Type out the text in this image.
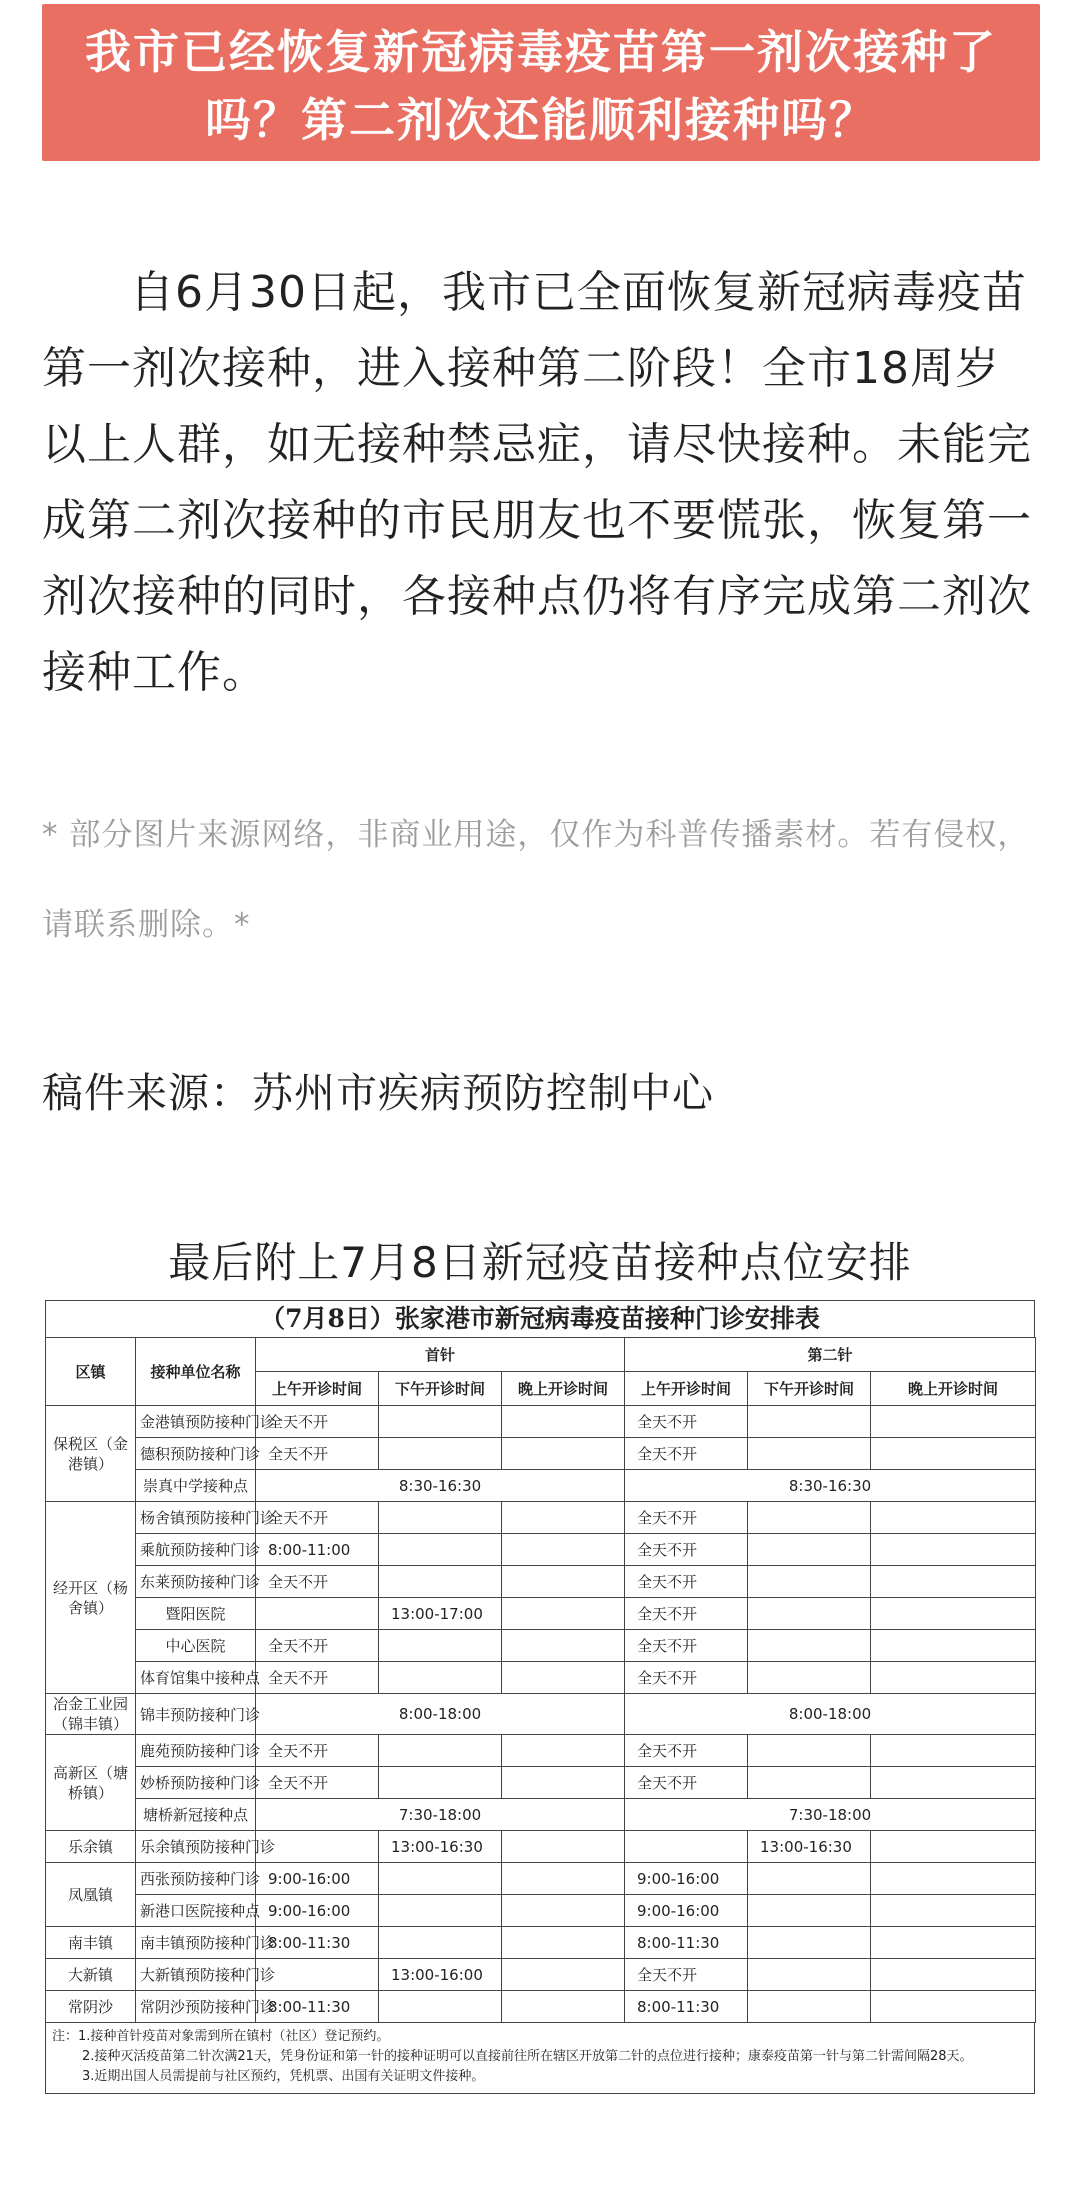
我市已经恢复新冠病毒疫苗第一剂次接种了吗？第二剂次还能顺利接种吗？

自6月30日起，我市已全面恢复新冠病毒疫苗第一剂次接种，进入接种第二阶段！全市18周岁以上人群，如无接种禁忌症，请尽快接种。未能完成第二剂次接种的市民朋友也不要慌张，恢复第一剂次接种的同时，各接种点仍将有序完成第二剂次接种工作。

* 部分图片来源网络，非商业用途，仅作为科普传播素材。若有侵权，请联系删除。*
稿件来源：苏州市疾病预防控制中心
最后附上7月8日新冠疫苗接种点位安排
（7月8日）张家港市新冠病毒疫苗接种门诊安排表
区镇	接种单位名称	首针			第二针		
		上午开诊时间	下午开诊时间	晚上开诊时间	上午开诊时间	下午开诊时间	晚上开诊时间
保税区（金港镇）	金港镇预防接种门诊	全天不开			全天不开		
	德积预防接种门诊	全天不开			全天不开		
	崇真中学接种点	8:30-16:30			8:30-16:30		
经开区（杨舍镇）	杨舍镇预防接种门诊	全天不开			全天不开		
	乘航预防接种门诊	8:00-11:00			全天不开		
	东莱预防接种门诊	全天不开			全天不开		
	暨阳医院		13:00-17:00		全天不开		
	中心医院	全天不开			全天不开		
	体育馆集中接种点	全天不开			全天不开		
冶金工业园（锦丰镇）	锦丰预防接种门诊	8:00-18:00			8:00-18:00		
高新区（塘桥镇）	鹿苑预防接种门诊	全天不开			全天不开		
	妙桥预防接种门诊	全天不开			全天不开		
	塘桥新冠接种点	7:30-18:00			7:30-18:00		
乐余镇	乐余镇预防接种门诊		13:00-16:30			13:00-16:30	
凤凰镇	西张预防接种门诊	9:00-16:00			9:00-16:00		
	新港口医院接种点	9:00-16:00			9:00-16:00		
南丰镇	南丰镇预防接种门诊	8:00-11:30			8:00-11:30		
大新镇	大新镇预防接种门诊		13:00-16:00		全天不开		
常阴沙	常阴沙预防接种门诊	8:00-11:30			8:00-11:30		
注：1.接种首针疫苗对象需到所在镇村（社区）登记预约。
2.接种灭活疫苗第二针次满21天，凭身份证和第一针的接种证明可以直接前往所在辖区开放第二针的点位进行接种；康泰疫苗第一针与第二针需间隔28天。
3.近期出国人员需提前与社区预约，凭机票、出国有关证明文件接种。
